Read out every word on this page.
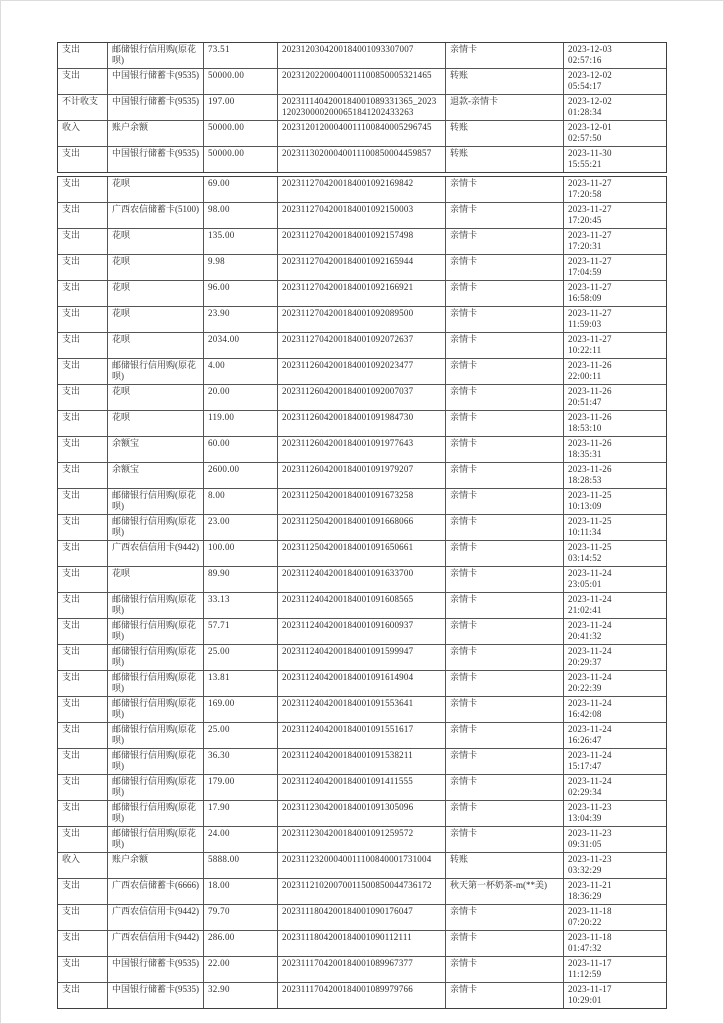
支出	邮储银行信用购(原花呗)
73.51	2023120304200184001093307007	亲情卡	2023-12-03
02:57:16
支出	中国银行储蓄卡(9535)	50000.00	20231202200040011100850005321465	转账	2023-12-02
05:54:17
不计收支	中国银行储蓄卡(9535)	197.00	2023111404200184001089331365_20231202300002000651841202433263
退款-亲情卡	2023-12-02
01:28:34
收入	账户余额	50000.00	20231201200040011100840005296745	转账	2023-12-01
02:57:50
支出	中国银行储蓄卡(9535)	50000.00	20231130200040011100850004459857	转账	2023-11-30
15:55:21
支出	花呗	69.00	2023112704200184001092169842	亲情卡	2023-11-27
17:20:58
支出	广西农信储蓄卡(5100)	98.00	2023112704200184001092150003	亲情卡	2023-11-27
17:20:45
支出	花呗	135.00	2023112704200184001092157498	亲情卡	2023-11-27
17:20:31
支出	花呗	9.98	2023112704200184001092165944	亲情卡	2023-11-27
17:04:59
支出	花呗	96.00	2023112704200184001092166921	亲情卡	2023-11-27
16:58:09
支出	花呗	23.90	2023112704200184001092089500	亲情卡	2023-11-27
11:59:03
支出	花呗	2034.00	2023112704200184001092072637	亲情卡	2023-11-27
10:22:11
支出	邮储银行信用购(原花呗)
4.00	2023112604200184001092023477	亲情卡	2023-11-26
22:00:11
支出	花呗	20.00	2023112604200184001092007037	亲情卡	2023-11-26
20:51:47
支出	花呗	119.00	2023112604200184001091984730	亲情卡	2023-11-26
18:53:10
支出	余额宝	60.00	2023112604200184001091977643	亲情卡	2023-11-26
18:35:31
支出	余额宝	2600.00	2023112604200184001091979207	亲情卡	2023-11-26
18:28:53
支出	邮储银行信用购(原花呗)
8.00	2023112504200184001091673258	亲情卡	2023-11-25
10:13:09
支出	邮储银行信用购(原花呗)
23.00	2023112504200184001091668066	亲情卡	2023-11-25
10:11:34
支出	广西农信信用卡(9442)	100.00	2023112504200184001091650661	亲情卡	2023-11-25
03:14:52
支出	花呗	89.90	2023112404200184001091633700	亲情卡	2023-11-24
23:05:01
支出	邮储银行信用购(原花呗)
33.13	2023112404200184001091608565	亲情卡	2023-11-24
21:02:41
支出	邮储银行信用购(原花呗)
57.71	2023112404200184001091600937	亲情卡	2023-11-24
20:41:32
支出	邮储银行信用购(原花呗)
25.00	2023112404200184001091599947	亲情卡	2023-11-24
20:29:37
支出	邮储银行信用购(原花呗)
13.81	2023112404200184001091614904	亲情卡	2023-11-24
20:22:39
支出	邮储银行信用购(原花呗)
169.00	2023112404200184001091553641	亲情卡	2023-11-24
16:42:08
支出	邮储银行信用购(原花呗)
25.00	2023112404200184001091551617	亲情卡	2023-11-24
16:26:47
支出	邮储银行信用购(原花呗)
36.30	2023112404200184001091538211	亲情卡	2023-11-24
15:17:47
支出	邮储银行信用购(原花呗)
179.00	2023112404200184001091411555	亲情卡	2023-11-24
02:29:34
支出	邮储银行信用购(原花呗)
17.90	2023112304200184001091305096	亲情卡	2023-11-23
13:04:39
支出	邮储银行信用购(原花呗)
24.00	2023112304200184001091259572	亲情卡	2023-11-23
09:31:05
收入	账户余额	5888.00	20231123200040011100840001731004	转账	2023-11-23
03:32:29
支出	广西农信储蓄卡(6666)	18.00	20231121020070011500850044736172	秋天第一杯奶茶-m(**美)	2023-11-21
18:36:29
支出	广西农信信用卡(9442)	79.70	2023111804200184001090176047	亲情卡	2023-11-18
07:20:22
支出	广西农信信用卡(9442)	286.00	2023111804200184001090112111	亲情卡	2023-11-18
01:47:32
支出	中国银行储蓄卡(9535)	22.00	2023111704200184001089967377	亲情卡	2023-11-17
11:12:59
支出	中国银行储蓄卡(9535)	32.90	2023111704200184001089979766	亲情卡	2023-11-17
10:29:01
